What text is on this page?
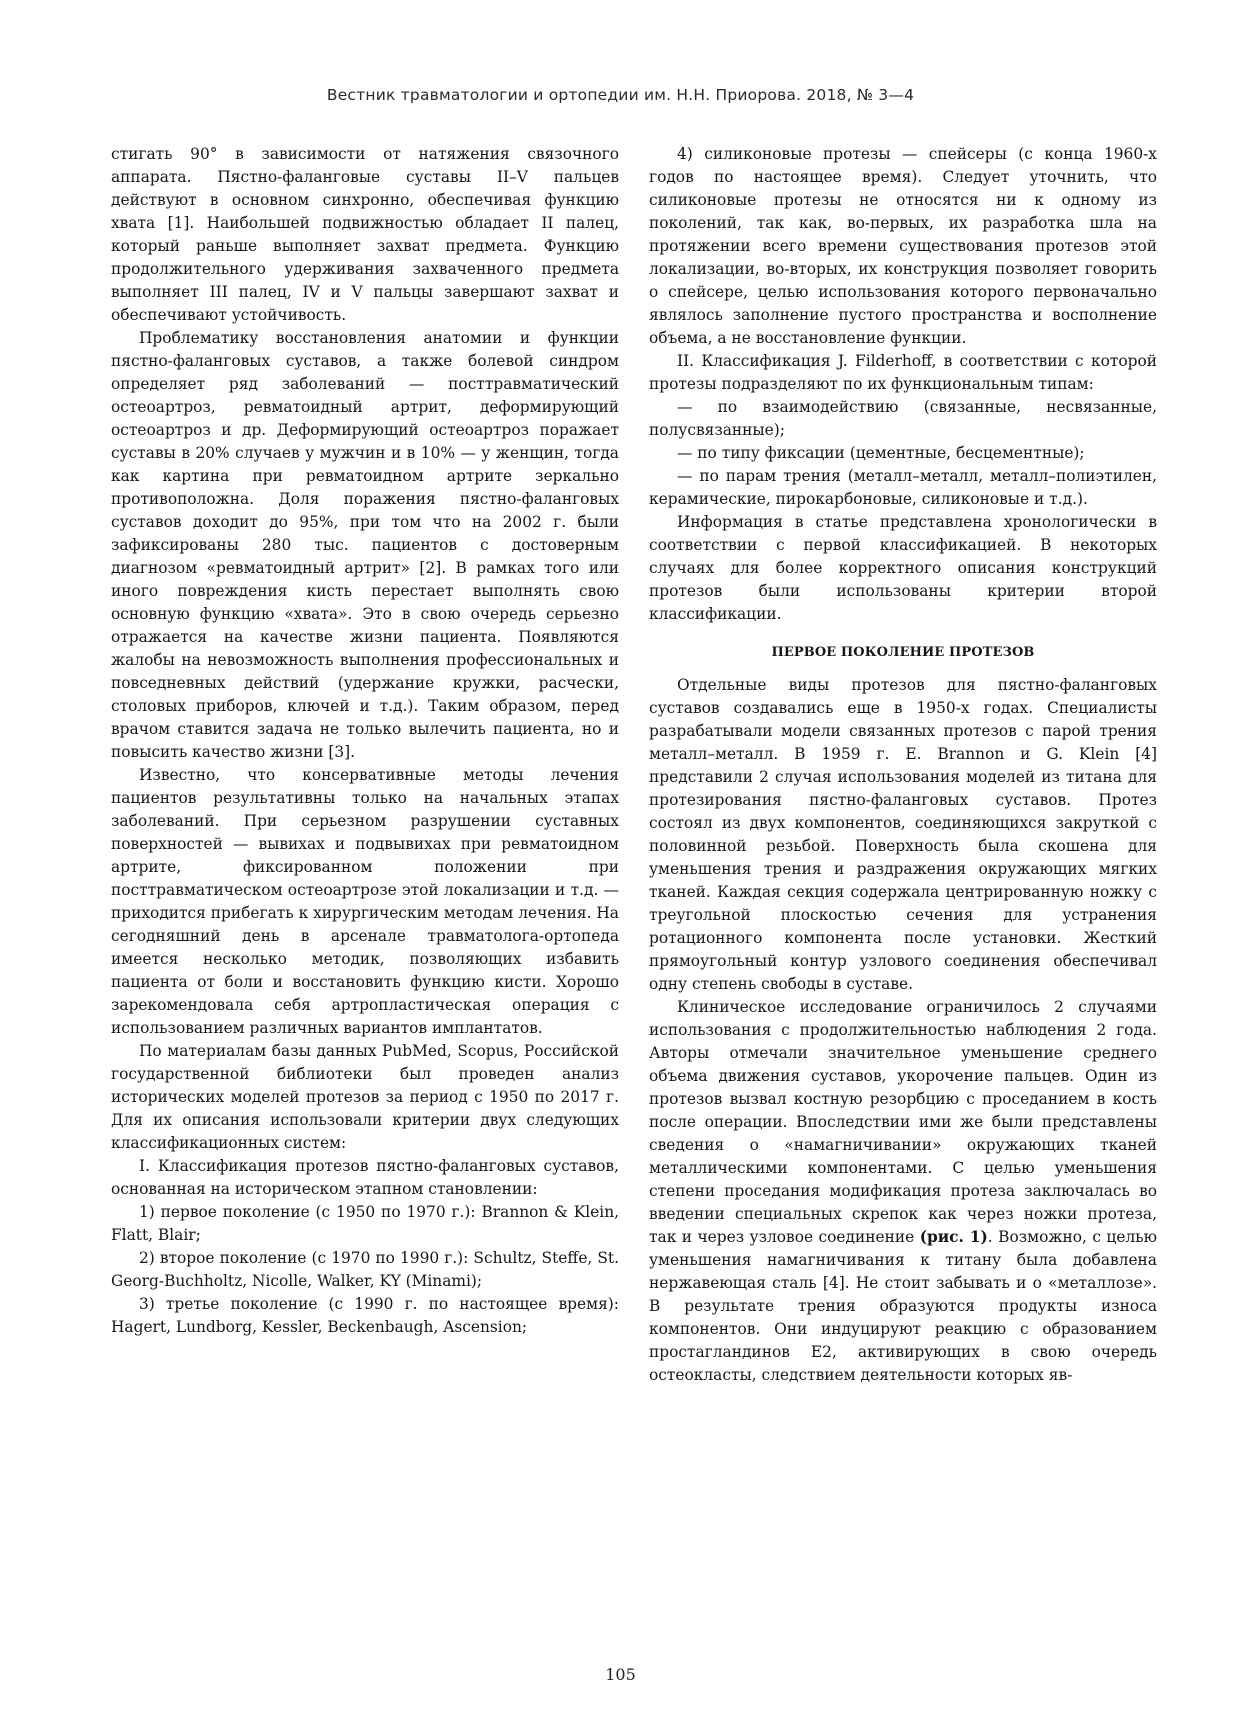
Вестник травматологии и ортопедии им. Н.Н. Приорова. 2018, № 3—4

стигать 90° в зависимости от натяжения связочного аппарата. Пястно-фаланговые суставы II–V пальцев действуют в основном синхронно, обеспечивая функцию хвата [1]. Наибольшей подвижностью обладает II палец, который раньше выполняет захват предмета. Функцию продолжительного удерживания захваченного предмета выполняет III палец, IV и V пальцы завершают захват и обеспечивают устойчивость.

Проблематику восстановления анатомии и функции пястно-фаланговых суставов, а также болевой синдром определяет ряд заболеваний — посттравматический остеоартроз, ревматоидный артрит, деформирующий остеоартроз и др. Деформирующий остеоартроз поражает суставы в 20% случаев у мужчин и в 10% — у женщин, тогда как картина при ревматоидном артрите зеркально противоположна. Доля поражения пястно-фаланговых суставов доходит до 95%, при том что на 2002 г. были зафиксированы 280 тыс. пациентов с достоверным диагнозом «ревматоидный артрит» [2]. В рамках того или иного повреждения кисть перестает выполнять свою основную функцию «хвата». Это в свою очередь серьезно отражается на качестве жизни пациента. Появляются жалобы на невозможность выполнения профессиональных и повседневных действий (удержание кружки, расчески, столовых приборов, ключей и т.д.). Таким образом, перед врачом ставится задача не только вылечить пациента, но и повысить качество жизни [3].

Известно, что консервативные методы лечения пациентов результативны только на начальных этапах заболеваний. При серьезном разрушении суставных поверхностей — вывихах и подвывихах при ревматоидном артрите, фиксированном положении при посттравматическом остеоартрозе этой локализации и т.д. — приходится прибегать к хирургическим методам лечения. На сегодняшний день в арсенале травматолога-ортопеда имеется несколько методик, позволяющих избавить пациента от боли и восстановить функцию кисти. Хорошо зарекомендовала себя артропластическая операция с использованием различных вариантов имплантатов.

По материалам базы данных PubMed, Scopus, Российской государственной библиотеки был проведен анализ исторических моделей протезов за период с 1950 по 2017 г. Для их описания использовали критерии двух следующих классификационных систем:

I. Классификация протезов пястно-фаланговых суставов, основанная на историческом этапном становлении:

1) первое поколение (с 1950 по 1970 г.): Brannon & Klein, Flatt, Blair;

2) второе поколение (с 1970 по 1990 г.): Schultz, Steffe, St. Georg-Buchholtz, Nicolle, Walker, KY (Minami);

3) третье поколение (с 1990 г. по настоящее время): Hagert, Lundborg, Kessler, Beckenbaugh, Ascension;

4) силиконовые протезы — спейсеры (с конца 1960-х годов по настоящее время). Следует уточнить, что силиконовые протезы не относятся ни к одному из поколений, так как, во-первых, их разработка шла на протяжении всего времени существования протезов этой локализации, во-вторых, их конструкция позволяет говорить о спейсере, целью использования которого первоначально являлось заполнение пустого пространства и восполнение объема, а не восстановление функции.

II. Классификация J. Filderhoff, в соответствии с которой протезы подразделяют по их функциональным типам:

— по взаимодействию (связанные, несвязанные, полусвязанные);

— по типу фиксации (цементные, бесцементные);

— по парам трения (металл–металл, металл–полиэтилен, керамические, пирокарбоновые, силиконовые и т.д.).

Информация в статье представлена хронологически в соответствии с первой классификацией. В некоторых случаях для более корректного описания конструкций протезов были использованы критерии второй классификации.

ПЕРВОЕ ПОКОЛЕНИЕ ПРОТЕЗОВ

Отдельные виды протезов для пястно-фаланговых суставов создавались еще в 1950-х годах. Специалисты разрабатывали модели связанных протезов с парой трения металл–металл. В 1959 г. E. Brannon и G. Klein [4] представили 2 случая использования моделей из титана для протезирования пястно-фаланговых суставов. Протез состоял из двух компонентов, соединяющихся закруткой с половинной резьбой. Поверхность была скошена для уменьшения трения и раздражения окружающих мягких тканей. Каждая секция содержала центрированную ножку с треугольной плоскостью сечения для устранения ротационного компонента после установки. Жесткий прямоугольный контур узлового соединения обеспечивал одну степень свободы в суставе.

Клиническое исследование ограничилось 2 случаями использования с продолжительностью наблюдения 2 года. Авторы отмечали значительное уменьшение среднего объема движения суставов, укорочение пальцев. Один из протезов вызвал костную резорбцию с проседанием в кость после операции. Впоследствии ими же были представлены сведения о «намагничивании» окружающих тканей металлическими компонентами. С целью уменьшения степени проседания модификация протеза заключалась во введении специальных скрепок как через ножки протеза, так и через узловое соединение (рис. 1). Возможно, с целью уменьшения намагничивания к титану была добавлена нержавеющая сталь [4]. Не стоит забывать и о «металлозе». В результате трения образуются продукты износа компонентов. Они индуцируют реакцию с образованием простагландинов E2, активирующих в свою очередь остеокласты, следствием деятельности которых яв-

105
